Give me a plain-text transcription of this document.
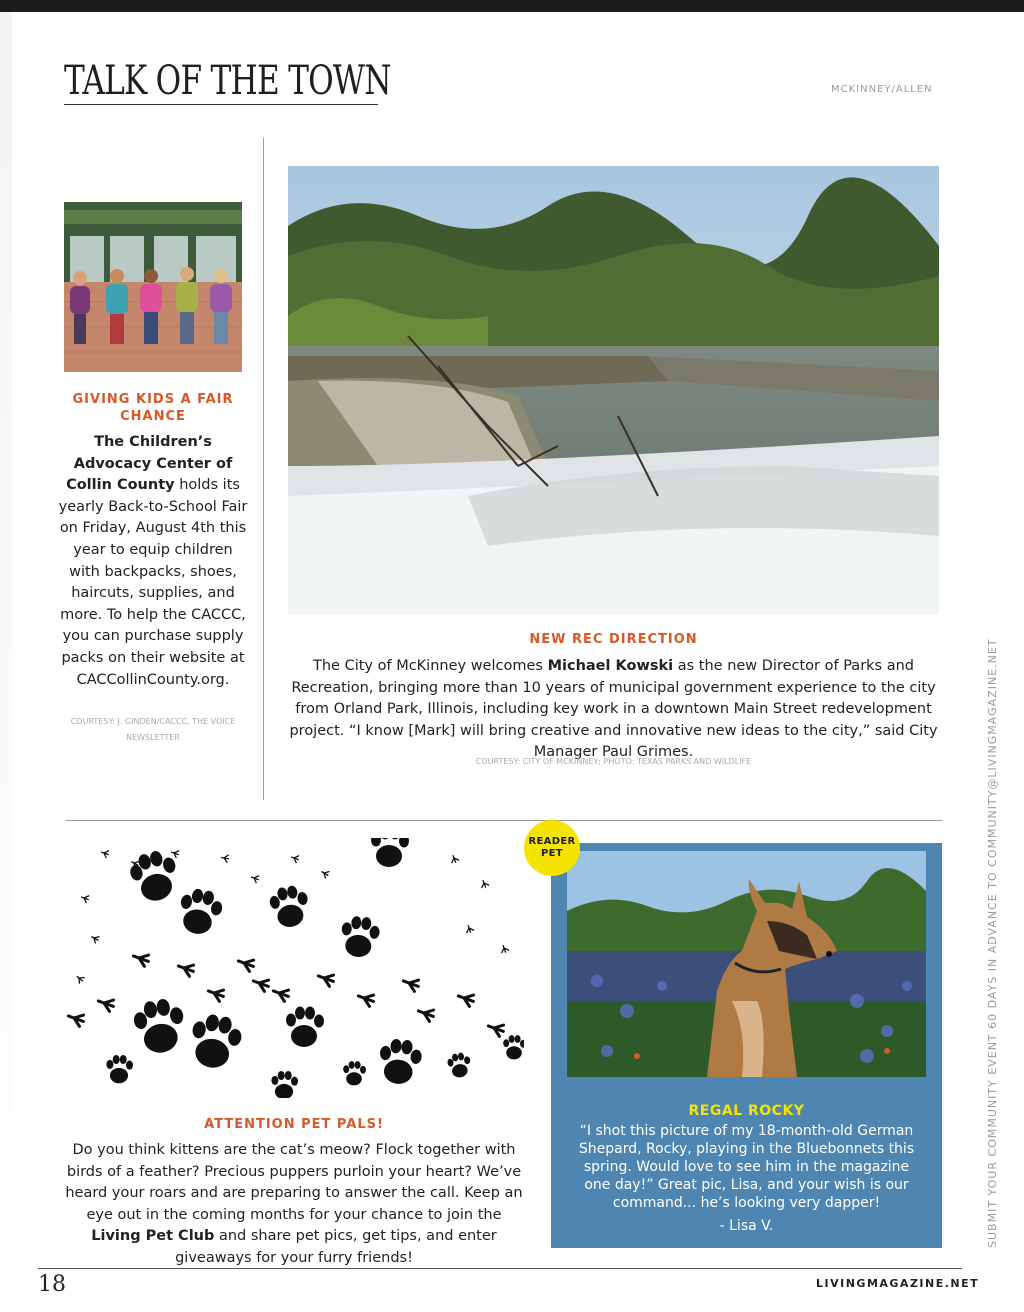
TALK OF THE TOWN	MCKINNEY/ALLEN
GIVING KIDS A FAIR CHANCE
The Children’s Advocacy Center of Collin County holds its yearly Back-to-School Fair on Friday, August 4th this year to equip children with backpacks, shoes, haircuts, supplies, and more. To help the CACCC, you can purchase supply packs on their website at CACCollinCounty.org.
COURTESY: J. GINDEN/CACCC, THE VOICE NEWSLETTER
NEW REC DIRECTION
The City of McKinney welcomes Michael Kowski as the new Director of Parks and Recreation, bringing more than 10 years of municipal government experience to the city from Orland Park, Illinois, including key work in a downtown Main Street redevelopment project. “I know [Mark] will bring creative and innovative new ideas to the city,” said City Manager Paul Grimes.
COURTESY: CITY OF MCKINNEY; PHOTO: TEXAS PARKS AND WILDLIFE
ATTENTION PET PALS!
Do you think kittens are the cat’s meow? Flock together with birds of a feather? Precious puppers purloin your heart? We’ve heard your roars and are preparing to answer the call. Keep an eye out in the coming months for your chance to join the Living Pet Club and share pet pics, get tips, and enter giveaways for your furry friends!
READER
PET
REGAL ROCKY
“I shot this picture of my 18-month-old German Shepard, Rocky, playing in the Bluebonnets this spring. Would love to see him in the magazine one day!” Great pic, Lisa, and your wish is our command... he’s looking very dapper!
- Lisa V.
18	LIVINGMAGAZINE.NET
SUBMIT YOUR COMMUNITY EVENT 60 DAYS IN ADVANCE TO COMMUNITY@LIVINGMAGAZINE.NET
